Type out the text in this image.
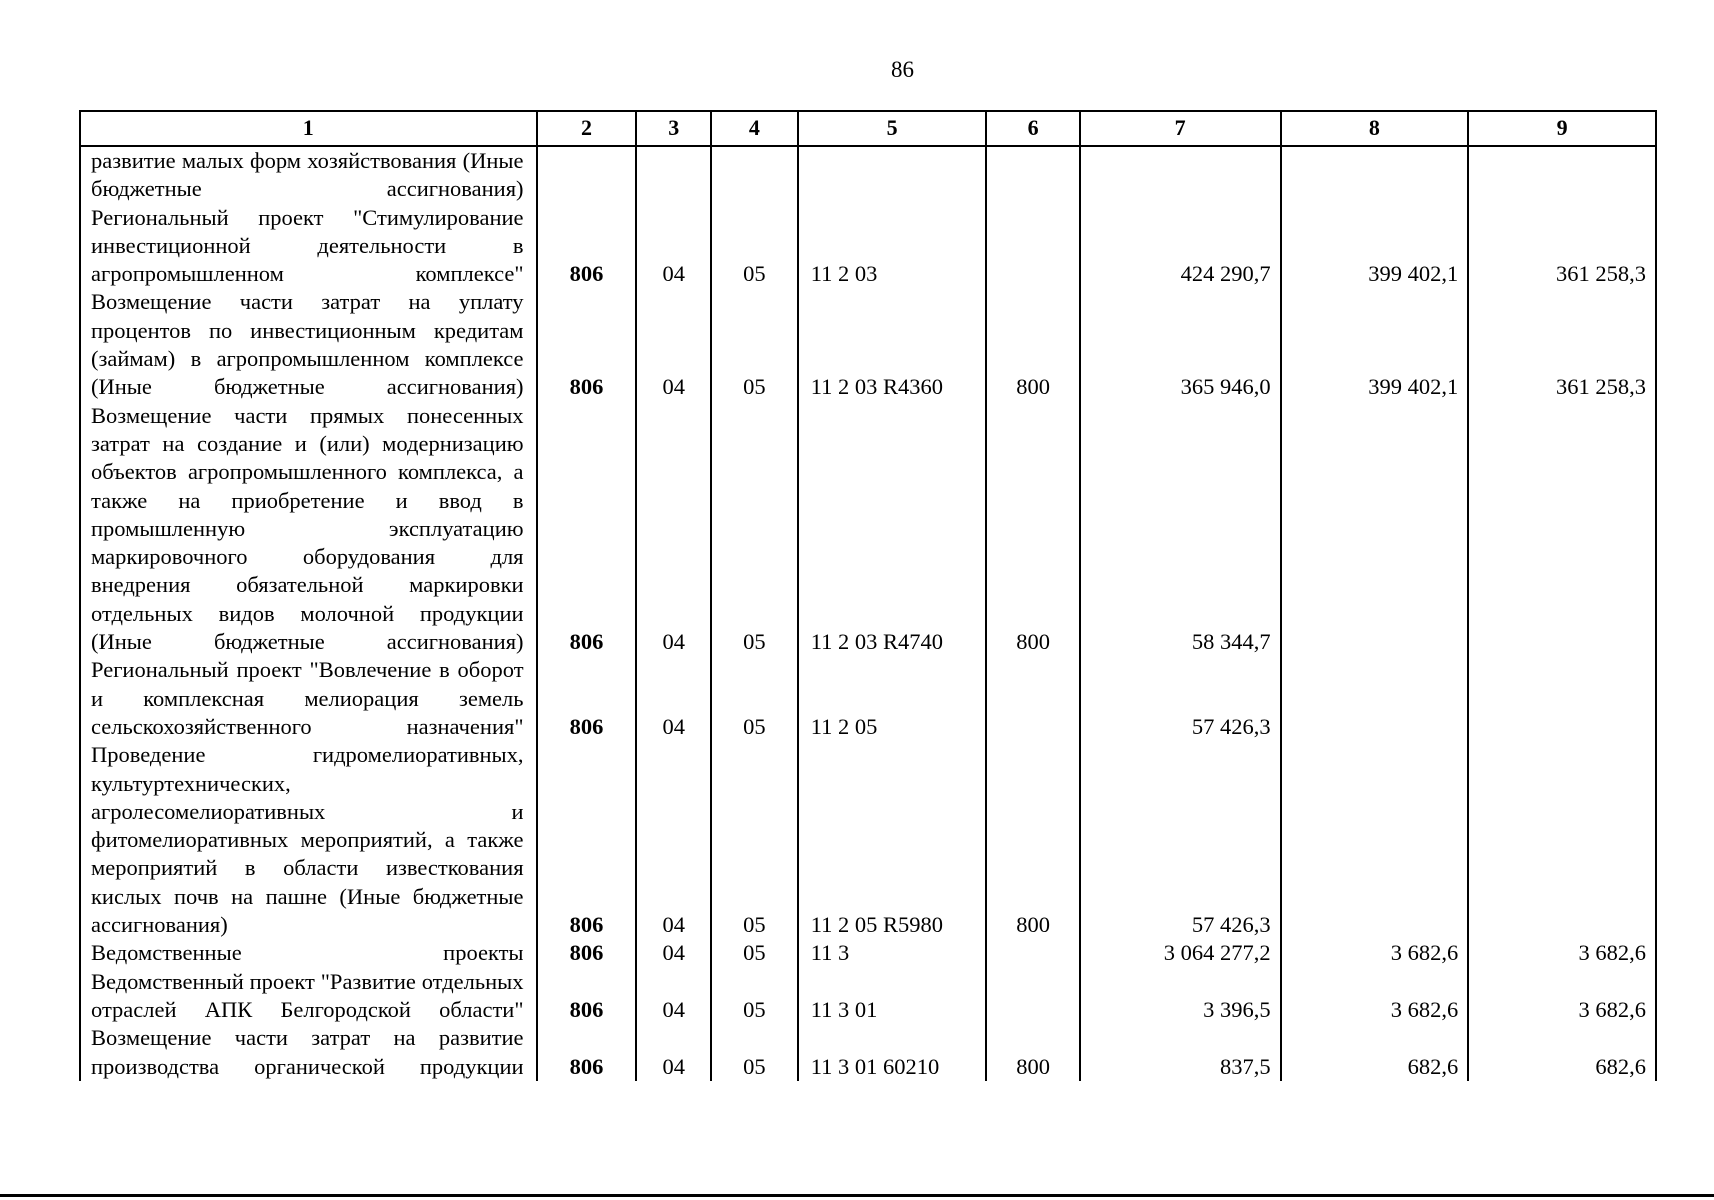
86
1	2	3	4	5	6	7	8	9
развитие малых форм хозяйствования (Иные бюджетные ассигнования)								
Региональный проект "Стимулирование инвестиционной деятельности в агропромышленном комплексе"	806	04	05	11 2 03		424 290,7	399 402,1	361 258,3
Возмещение части затрат на уплату процентов по инвестиционным кредитам (займам) в агропромышленном комплексе (Иные бюджетные ассигнования)	806	04	05	11 2 03 R4360	800	365 946,0	399 402,1	361 258,3
Возмещение части прямых понесенных затрат на создание и (или) модернизацию объектов агропромышленного комплекса, а также на приобретение и ввод в промышленную эксплуатацию маркировочного оборудования для внедрения обязательной маркировки отдельных видов молочной продукции (Иные бюджетные ассигнования)	806	04	05	11 2 03 R4740	800	58 344,7		
Региональный проект "Вовлечение в оборот и комплексная мелиорация земель сельскохозяйственного назначения"	806	04	05	11 2 05		57 426,3		
Проведение гидромелиоративных, культуртехнических, агролесомелиоративных и фитомелиоративных мероприятий, а также мероприятий в области известкования кислых почв на пашне (Иные бюджетные ассигнования)	806	04	05	11 2 05 R5980	800	57 426,3		
Ведомственные проекты	806	04	05	11 3		3 064 277,2	3 682,6	3 682,6
Ведомственный проект "Развитие отдельных отраслей АПК Белгородской области"	806	04	05	11 3 01		3 396,5	3 682,6	3 682,6
Возмещение части затрат на развитие производства органической продукции	806	04	05	11 3 01 60210	800	837,5	682,6	682,6
